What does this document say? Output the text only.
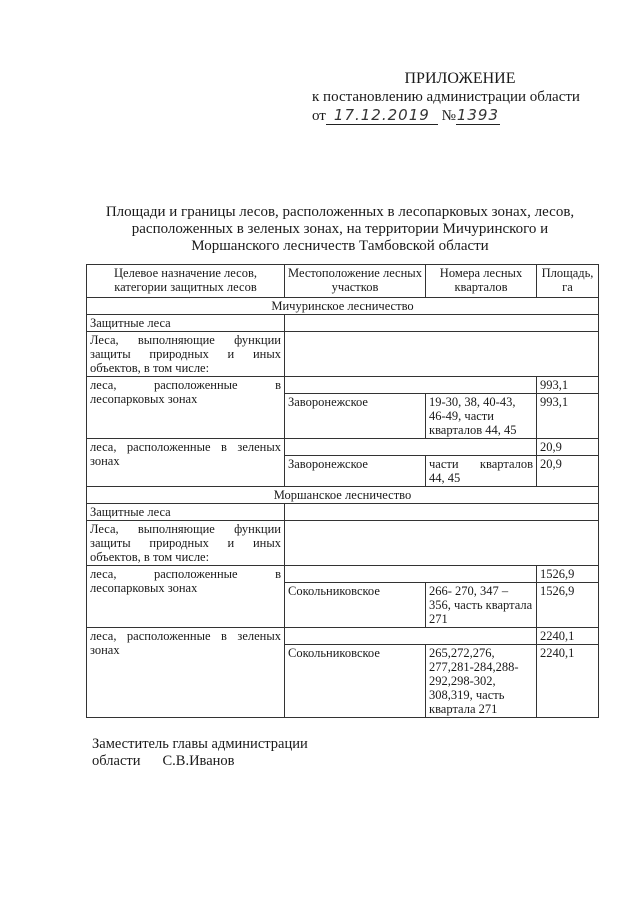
ПРИЛОЖЕНИЕ
к постановлению администрации области
от 17.12.2019 №1393
Площади и границы лесов, расположенных в лесопарковых зонах, лесов,
расположенных в зеленых зонах, на территории Мичуринского и
Моршанского лесничеств Тамбовской области
Целевое назначение лесов, категории защитных лесов	Местоположение лесных участков	Номера лесных кварталов	Площадь, га
Мичуринское лесничество			
Защитные леса			
Леса, выполняющие функции защиты природных и иных объектов, в том числе:			
леса, расположенные в лесопарковых зонах			993,1
	Заворонежское	19-30, 38, 40-43, 46-49, части кварталов 44, 45	993,1
леса, расположенные в зеленых зонах			20,9
	Заворонежское	части кварталов 44, 45	20,9
Моршанское лесничество			
Защитные леса			
Леса, выполняющие функции защиты природных и иных объектов, в том числе:			
леса, расположенные в лесопарковых зонах			1526,9
	Сокольниковское	266- 270, 347 – 356, часть квартала 271	1526,9
леса, расположенные в зеленых зонах			2240,1
	Сокольниковское	265,272,276, 277,281-284,288-292,298-302, 308,319, часть квартала 271	2240,1
Заместитель главы администрации
области С.В.Иванов
